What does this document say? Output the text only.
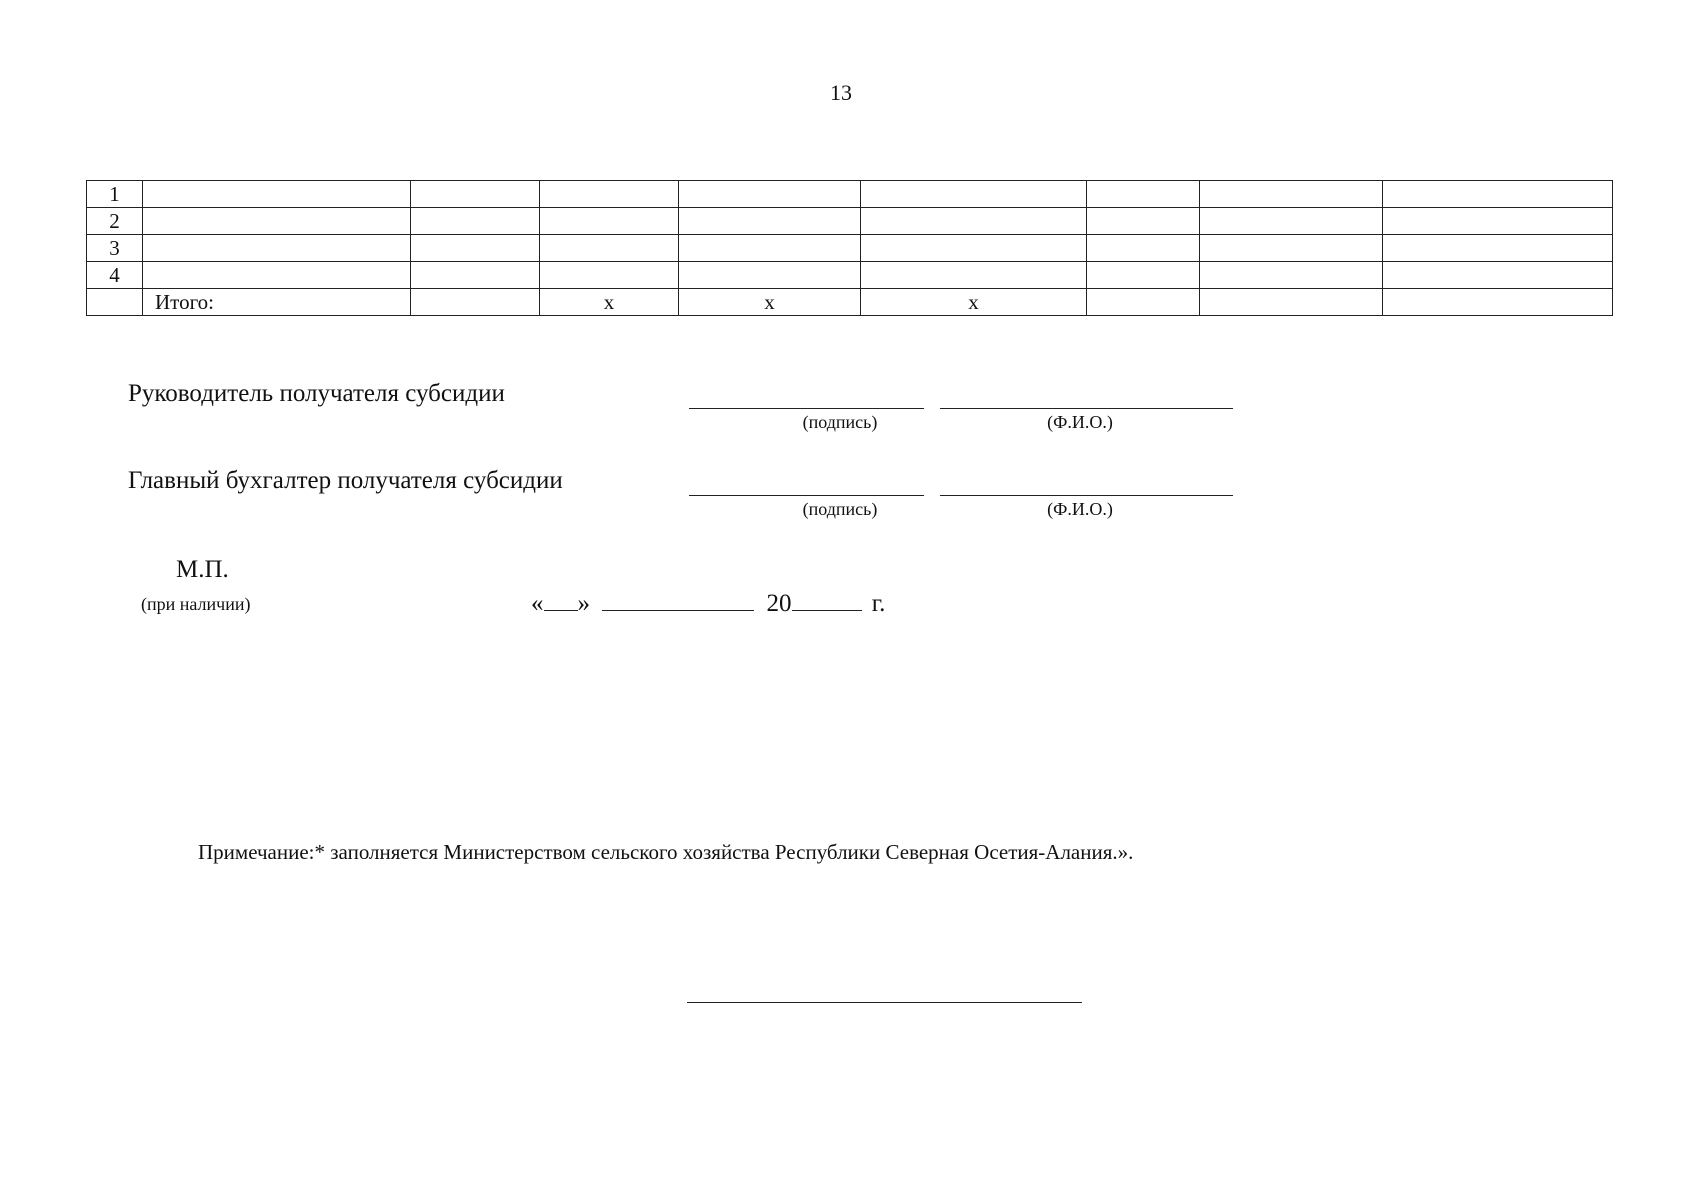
13
1								
2								
3								
4								
	Итого:		х	х	х			
Руководитель получателя субсидии
(подпись)	(Ф.И.О.)
Главный бухгалтер получателя субсидии
(подпись)	(Ф.И.О.)
М.П.
(при наличии)	« »	20	г.
Примечание:* заполняется Министерством сельского хозяйства Республики Северная Осетия-Алания.».
